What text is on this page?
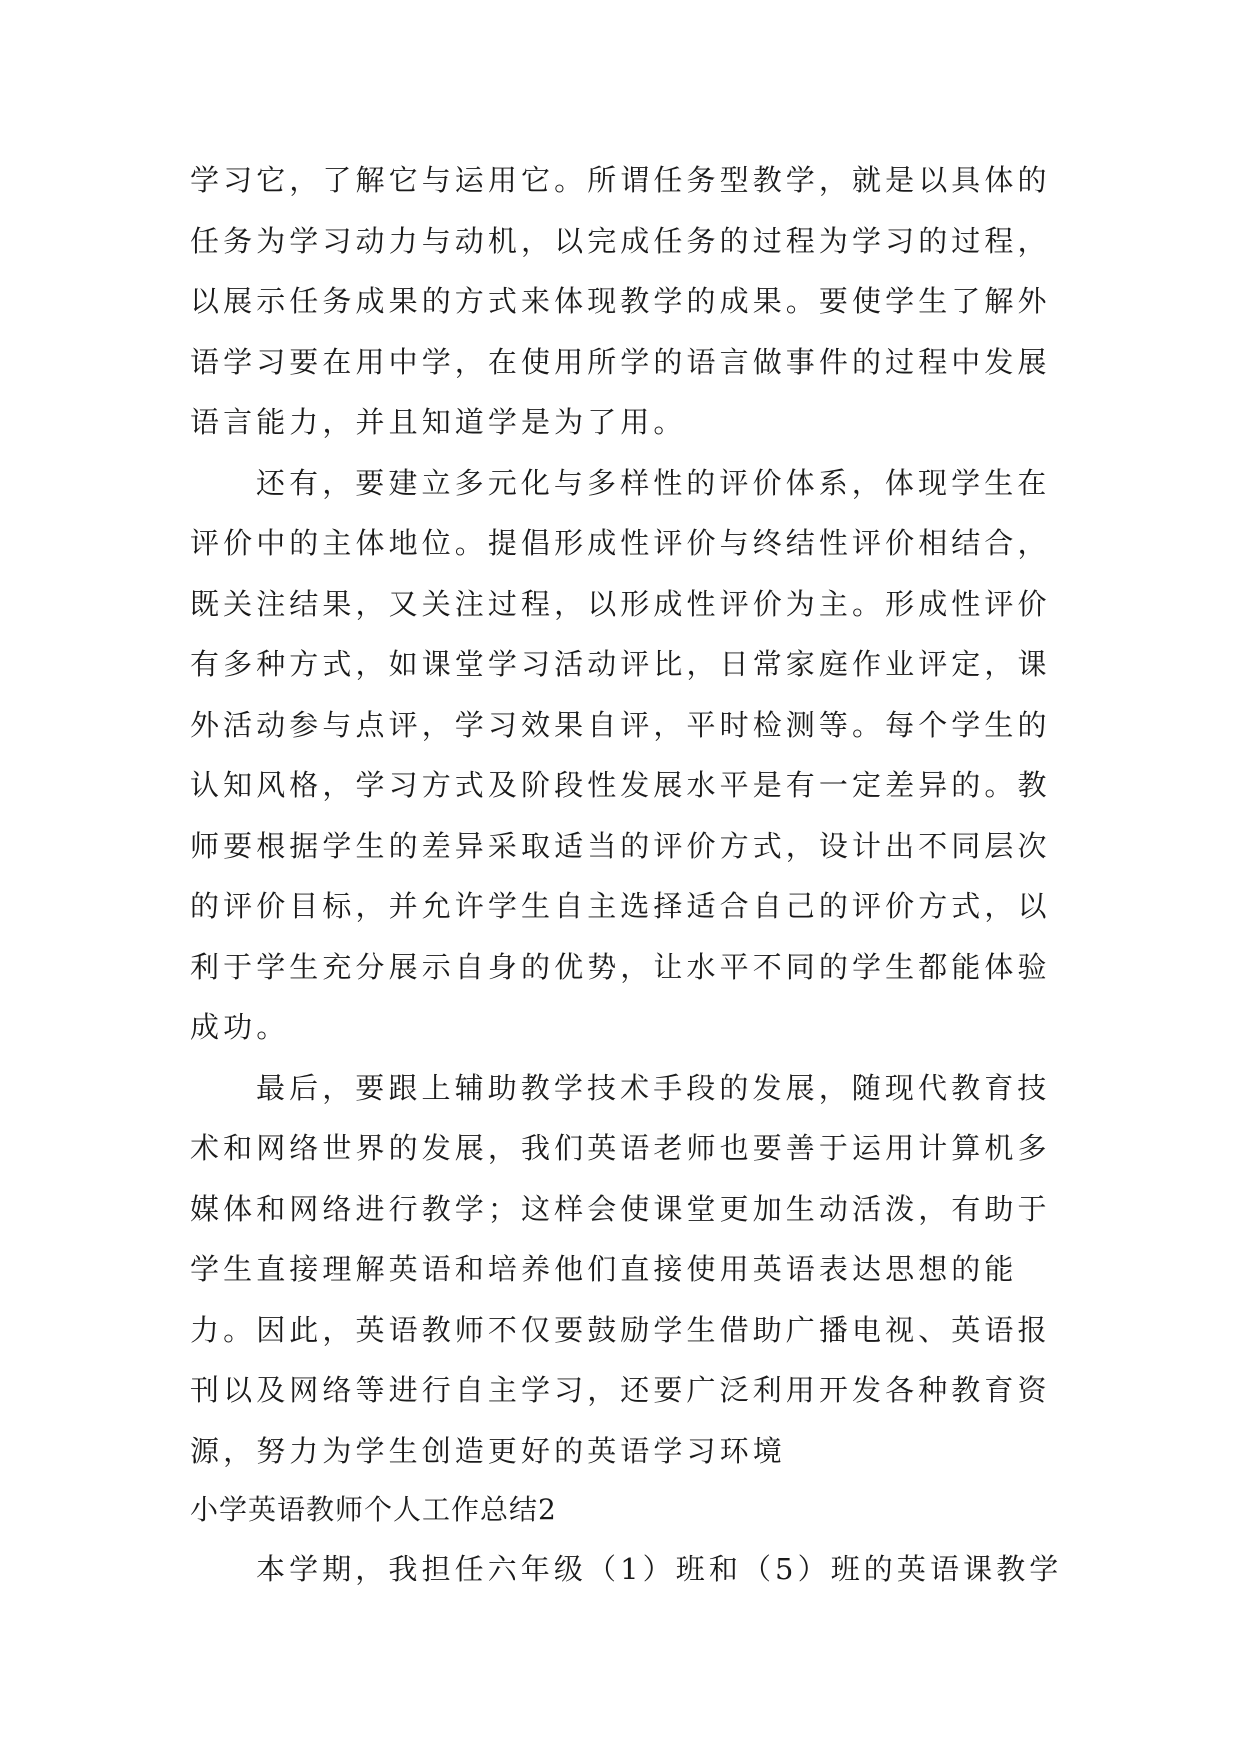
学习它，了解它与运用它。所谓任务型教学，就是以具体的
任务为学习动力与动机，以完成任务的过程为学习的过程，
以展示任务成果的方式来体现教学的成果。要使学生了解外
语学习要在用中学，在使用所学的语言做事件的过程中发展
语言能力，并且知道学是为了用。
还有，要建立多元化与多样性的评价体系，体现学生在
评价中的主体地位。提倡形成性评价与终结性评价相结合，
既关注结果，又关注过程，以形成性评价为主。形成性评价
有多种方式，如课堂学习活动评比，日常家庭作业评定，课
外活动参与点评，学习效果自评，平时检测等。每个学生的
认知风格，学习方式及阶段性发展水平是有一定差异的。教
师要根据学生的差异采取适当的评价方式，设计出不同层次
的评价目标，并允许学生自主选择适合自己的评价方式，以
利于学生充分展示自身的优势，让水平不同的学生都能体验
成功。
最后，要跟上辅助教学技术手段的发展，随现代教育技
术和网络世界的发展，我们英语老师也要善于运用计算机多
媒体和网络进行教学；这样会使课堂更加生动活泼，有助于
学生直接理解英语和培养他们直接使用英语表达思想的能
力。因此，英语教师不仅要鼓励学生借助广播电视、英语报
刊以及网络等进行自主学习，还要广泛利用开发各种教育资
源，努力为学生创造更好的英语学习环境
小学英语教师个人工作总结2
本学期，我担任六年级（1）班和（5）班的英语课教学
